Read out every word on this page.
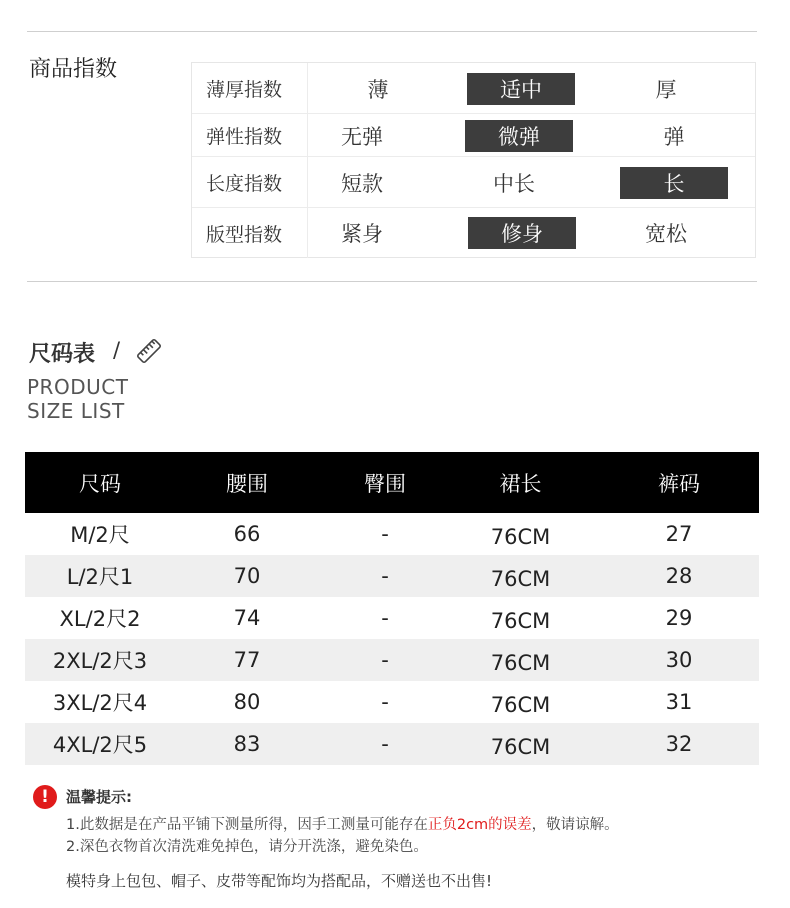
商品指数
薄厚指数	薄	适中	厚
弹性指数	无弹	微弹	弹
长度指数	短款	中长	长
版型指数	紧身	修身	宽松
尺码表 /
PRODUCT
SIZE LIST
尺码	腰围	臀围	裙长	裤码
M/2尺	66	-	76CM	27
L/2尺1	70	-	76CM	28
XL/2尺2	74	-	76CM	29
2XL/2尺3	77	-	76CM	30
3XL/2尺4	80	-	76CM	31
4XL/2尺5	83	-	76CM	32
!	温馨提示:
1.此数据是在产品平铺下测量所得，因手工测量可能存在正负2cm的误差，敬请谅解。
2.深色衣物首次清洗难免掉色，请分开洗涤，避免染色。
模特身上包包、帽子、皮带等配饰均为搭配品，不赠送也不出售!
